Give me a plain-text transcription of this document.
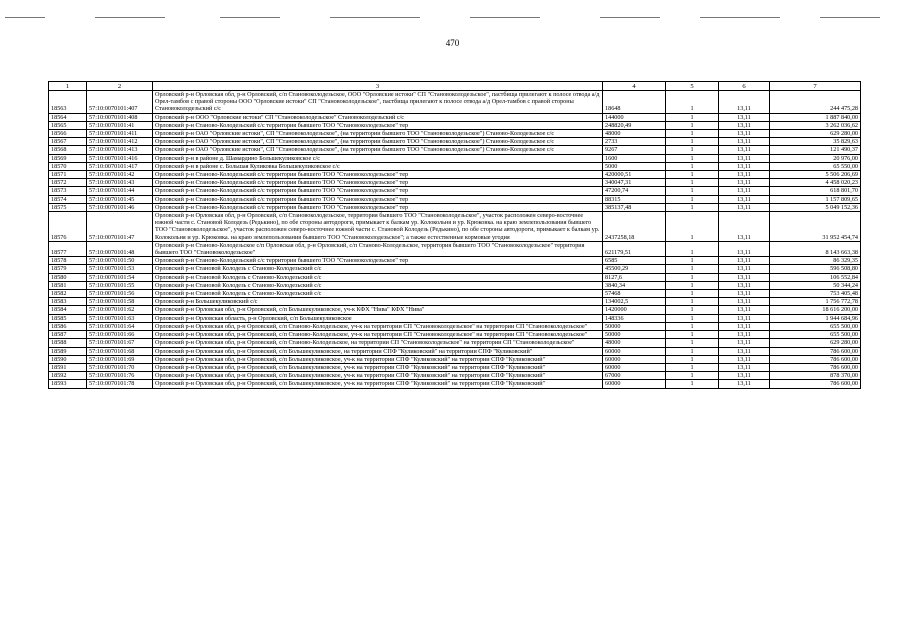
470
1	2	3	4	5	6	7
18563	57:10:0070101:407	Орловский р-н Орловская обл, р-н Орловский, с/п Становоколодезьское, ООО "Орловские истоки" СП "Становоколодезьское", пастбища прилегают к полосе отвода а/д Орел-тамбов с правой стороны ООО "Орловские истоки" СП "Становоколодезьское", пастбища прилегают к полосе отвода а/д Орел-тамбов с правой стороны Становоколодезьский с/с	18648	1	13,11	244 475,28
18564	57:10:0070101:408	Орловский р-н ООО "Орловские истоки" СП "Становоколодезьское" Становоколодезьский с/с	144000	1	13,11	1 887 840,00
18565	57:10:0070101:41	Орловский р-н Станово-Колодезьский с/с территория бывшего ТОО "Становоколодезьское" тер	248820,49	1	13,11	3 262 036,62
18566	57:10:0070101:411	Орловский р-н ОАО "Орловские истоки", СП "Становоколодезьское", (на территории бывшего ТОО "Становоколодезьское") Станово-Колодезьское с/с	48000	1	13,11	629 280,00
18567	57:10:0070101:412	Орловский р-н ОАО "Орловские истоки", СП "Становоколодезьское", (на территории бывшего ТОО "Становоколодезьское") Станово-Колодезьское с/с	2733	1	13,11	35 829,63
18568	57:10:0070101:413	Орловский р-н ОАО "Орловские истоки", СП "Становоколодезьское", (на территории бывшего ТОО "Становоколодезьское") Станово-Колодезьское с/с	9267	1	13,11	121 490,37
18569	57:10:0070101:416	Орловский р-н в районе д. Шамардино Большекуликовское с/с	1600	1	13,11	20 976,00
18570	57:10:0070101:417	Орловский р-н в районе с. Большая Куликовка Большекуликовское с/с	5000	1	13,11	65 550,00
18571	57:10:0070101:42	Орловский р-н Станово-Колодезьский с/с территория бывшего ТОО "Становоколодезьское" тер	420000,51	1	13,11	5 506 206,69
18572	57:10:0070101:43	Орловский р-н Станово-Колодезьский с/с территория бывшего ТОО "Становоколодезьское" тер	340047,31	1	13,11	4 458 020,23
18573	57:10:0070101:44	Орловский р-н Станово-Колодезьский с/с территория бывшего ТОО "Становоколодезьское" тер	47200,74	1	13,11	618 801,70
18574	57:10:0070101:45	Орловский р-н Станово-Колодезьский с/с территория бывшего ТОО "Становоколодезьское" тер	88315	1	13,11	1 157 809,65
18575	57:10:0070101:46	Орловский р-н Станово-Колодезьский с/с территория бывшего ТОО "Становоколодезьское" тер	385137,48	1	13,11	5 049 152,36
18576	57:10:0070101:47	Орловский р-н Орловская обл, р-н Орловский, с/п Становоколодезьское, территория бывшего ТОО "Становоколодезьское", участок расположен северо-восточнее южной части с. Становой Колодезь (Редькино), по обе стороны автодороги, примыкает к балкам ур. Колокольня и ур. Крюковка. на краю землепользования бывшего ТОО "Становоколодезьское", участок расположен северо-восточнее южной части с. Становой Колодезь (Редькино), по обе стороны автодороги, примыкает к балкам ур. Колокольня и ур. Крюковка. на краю землепользования бывшего ТОО "Становоколодезьское"; а также естественные кормовые угодия	2437258,18	1	13,11	31 952 454,74
18577	57:10:0070101:48	Орловский р-н Станово-Колодезьское с/п Орловская обл, р-н Орловский, с/п Станово-Колодезьское, территория бывшего ТОО "Становоколодезьское" территория бывшего ТОО "Становоколодезьское"	621179,51	1	13,11	8 143 663,38
18578	57:10:0070101:50	Орловский р-н Станово-Колодезьский с/с территория бывшего ТОО "Становоколодезьское" тер	6585	1	13,11	86 329,35
18579	57:10:0070101:53	Орловский р-н Становой Колодезь с Станово-Колодезьский с/с	45500,29	1	13,11	596 508,80
18580	57:10:0070101:54	Орловский р-н Становой Колодезь с Станово-Колодезьский с/с	8127,6	1	13,11	106 552,84
18581	57:10:0070101:55	Орловский р-н Становой Колодезь с Станово-Колодезьский с/с	3840,34	1	13,11	50 344,24
18582	57:10:0070101:56	Орловский р-н Становой Колодезь с Станово-Колодезьский с/с	57468	1	13,11	753 405,48
18583	57:10:0070101:58	Орловский р-н Большекуликовский с/с	134002,5	1	13,11	1 756 772,78
18584	57:10:0070101:62	Орловский р-н Орловская обл, р-н Орловский, с/п Большекуликовское, уч-к КФХ "Нива" КФХ "Нива"	1420000	1	13,11	18 616 200,00
18585	57:10:0070101:63	Орловский р-н Орловская область, р-н Орловский, с/п Большекуликовское	148336	1	13,11	1 944 684,96
18586	57:10:0070101:64	Орловский р-н Орловская обл, р-н Орловский, с/п Станово-Колодезьское, уч-к на территории СП "Становоколодезьское" на территории СП "Становоколодезьское"	50000	1	13,11	655 500,00
18587	57:10:0070101:66	Орловский р-н Орловская обл, р-н Орловский, с/п Станово-Колодезьское, уч-к на территории СП "Становоколодезьское" на территории СП "Становоколодезьское"	50000	1	13,11	655 500,00
18588	57:10:0070101:67	Орловский р-н Орловская обл, р-н Орловский, с/п Станово-Колодезьское, на территории СП "Становоколодезьское" на территории СП "Становоколодезьское"	48000	1	13,11	629 280,00
18589	57:10:0070101:68	Орловский р-н Орловская обл, р-н Орловский, с/п Большекуликовское, на территории СПФ "Куликовский" на территории СПФ "Куликовский"	60000	1	13,11	786 600,00
18590	57:10:0070101:69	Орловский р-н Орловская обл, р-н Орловский, с/п Большекуликовское, уч-к на территории СПФ "Куликовский" на территории СПФ "Куликовский"	60000	1	13,11	786 600,00
18591	57:10:0070101:70	Орловский р-н Орловская обл, р-н Орловский, с/п Большекуликовское, уч-к на территории СПФ "Куликовский" на территории СПФ "Куликовский"	60000	1	13,11	786 600,00
18592	57:10:0070101:76	Орловский р-н Орловская обл, р-н Орловский, с/п Большекуликовское, уч-к на территории СПФ "Куликовский" на территории СПФ "Куликовский"	67000	1	13,11	878 370,00
18593	57:10:0070101:78	Орловский р-н Орловская обл, р-н Орловский, с/п Большекуликовское, уч-к на территории СПФ "Куликовский" на территории СПФ "Куликовский"	60000	1	13,11	786 600,00
